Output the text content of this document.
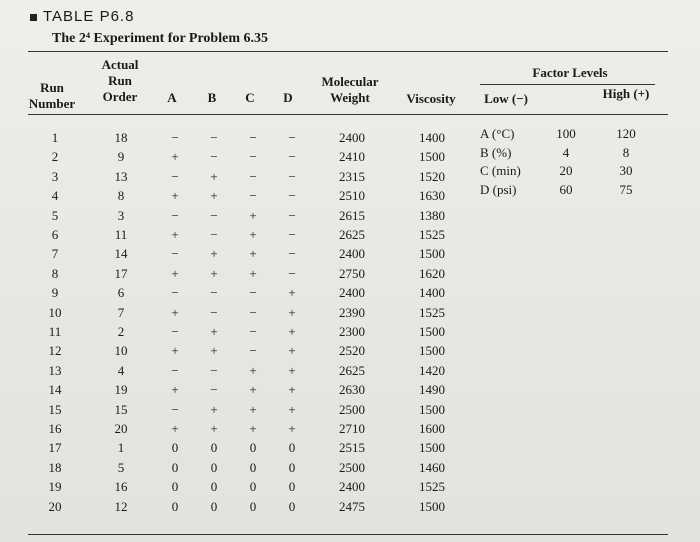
TABLE P6.8
The 2⁴ Experiment for Problem 6.35
Run
Number
Actual
Run
Order	A	B	C	D
Molecular
Weight	Viscosity
Factor Levels
Low (−)	High (+)
1	18	−	−	−	−	2400	1400
2	9	+	−	−	−	2410	1500
3	13	−	+	−	−	2315	1520
4	8	+	+	−	−	2510	1630
5	3	−	−	+	−	2615	1380
6	11	+	−	+	−	2625	1525
7	14	−	+	+	−	2400	1500
8	17	+	+	+	−	2750	1620
9	6	−	−	−	+	2400	1400
10	7	+	−	−	+	2390	1525
11	2	−	+	−	+	2300	1500
12	10	+	+	−	+	2520	1500
13	4	−	−	+	+	2625	1420
14	19	+	−	+	+	2630	1490
15	15	−	+	+	+	2500	1500
16	20	+	+	+	+	2710	1600
17	1	0	0	0	0	2515	1500
18	5	0	0	0	0	2500	1460
19	16	0	0	0	0	2400	1525
20	12	0	0	0	0	2475	1500
A (°C)	100	120
B (%)	4	8
C (min)	20	30
D (psi)	60	75
